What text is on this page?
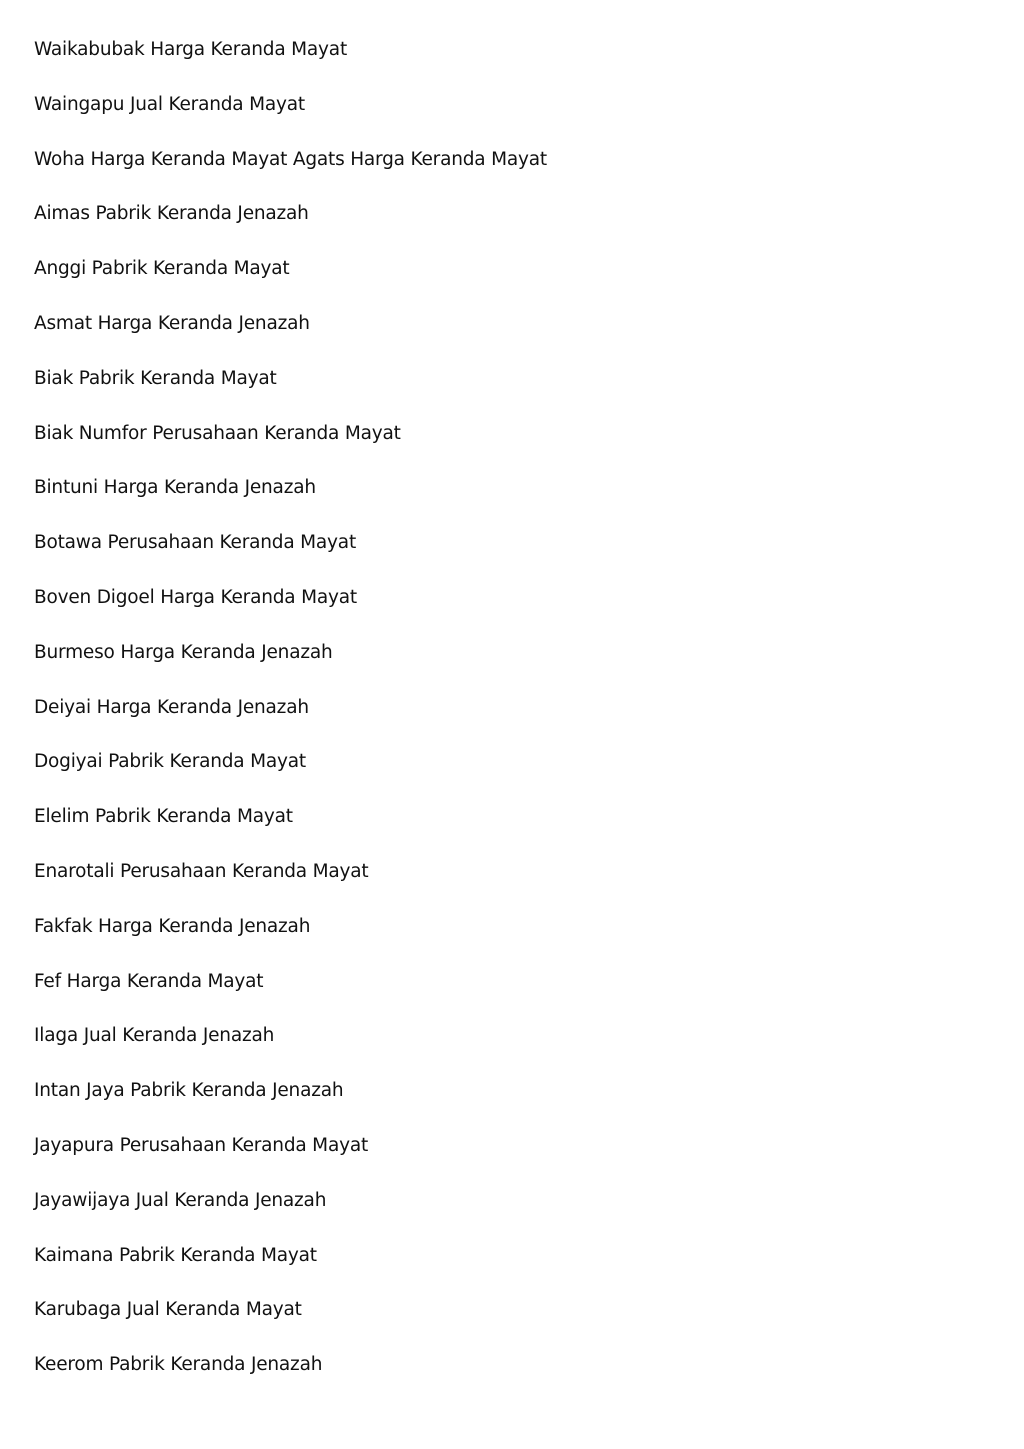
Waikabubak Harga Keranda Mayat
Waingapu Jual Keranda Mayat
Woha Harga Keranda Mayat Agats Harga Keranda Mayat
Aimas Pabrik Keranda Jenazah
Anggi Pabrik Keranda Mayat
Asmat Harga Keranda Jenazah
Biak Pabrik Keranda Mayat
Biak Numfor Perusahaan Keranda Mayat
Bintuni Harga Keranda Jenazah
Botawa Perusahaan Keranda Mayat
Boven Digoel Harga Keranda Mayat
Burmeso Harga Keranda Jenazah
Deiyai Harga Keranda Jenazah
Dogiyai Pabrik Keranda Mayat
Elelim Pabrik Keranda Mayat
Enarotali Perusahaan Keranda Mayat
Fakfak Harga Keranda Jenazah
Fef Harga Keranda Mayat
Ilaga Jual Keranda Jenazah
Intan Jaya Pabrik Keranda Jenazah
Jayapura Perusahaan Keranda Mayat
Jayawijaya Jual Keranda Jenazah
Kaimana Pabrik Keranda Mayat
Karubaga Jual Keranda Mayat
Keerom Pabrik Keranda Jenazah
